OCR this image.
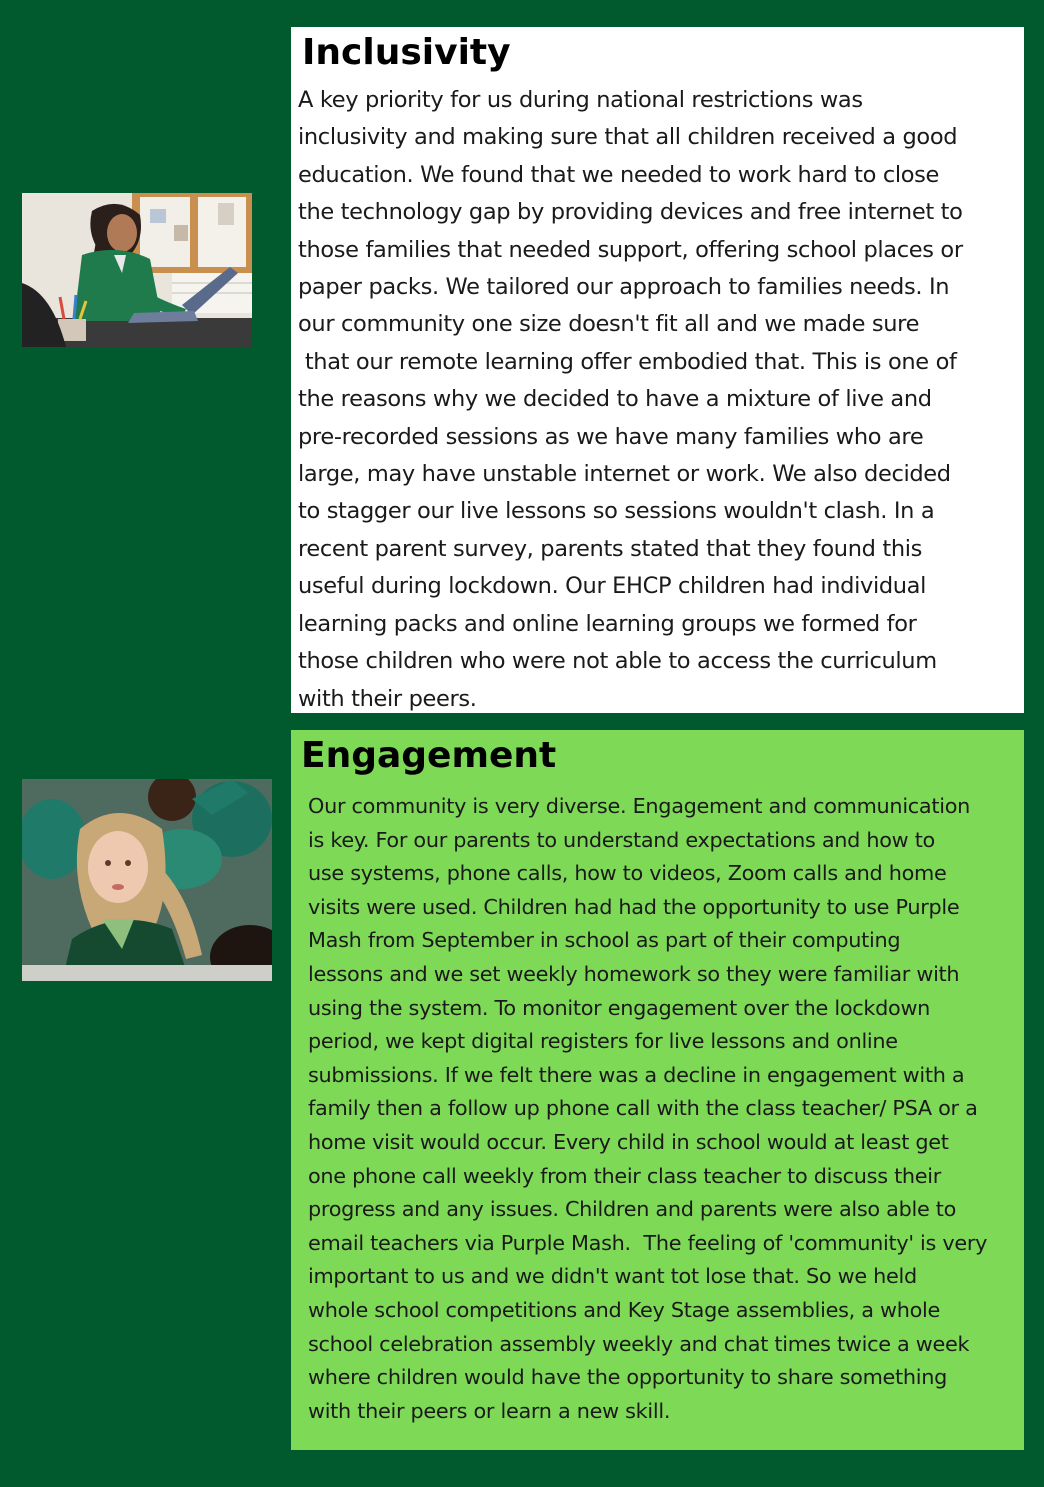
Inclusivity

A key priority for us during national restrictions was
inclusivity and making sure that all children received a good
education. We found that we needed to work hard to close
the technology gap by providing devices and free internet to
those families that needed support, offering school places or
paper packs. We tailored our approach to families needs. In
our community one size doesn't fit all and we made sure
that our remote learning offer embodied that. This is one of
the reasons why we decided to have a mixture of live and
pre-recorded sessions as we have many families who are
large, may have unstable internet or work. We also decided
to stagger our live lessons so sessions wouldn't clash. In a
recent parent survey, parents stated that they found this
useful during lockdown. Our EHCP children had individual
learning packs and online learning groups we formed for
those children who were not able to access the curriculum
with their peers.

Engagement

Our community is very diverse. Engagement and communication
is key. For our parents to understand expectations and how to
use systems, phone calls, how to videos, Zoom calls and home
visits were used. Children had had the opportunity to use Purple
Mash from September in school as part of their computing
lessons and we set weekly homework so they were familiar with
using the system. To monitor engagement over the lockdown
period, we kept digital registers for live lessons and online
submissions. If we felt there was a decline in engagement with a
family then a follow up phone call with the class teacher/ PSA or a
home visit would occur. Every child in school would at least get
one phone call weekly from their class teacher to discuss their
progress and any issues. Children and parents were also able to
email teachers via Purple Mash.  The feeling of 'community' is very
important to us and we didn't want tot lose that. So we held
whole school competitions and Key Stage assemblies, a whole
school celebration assembly weekly and chat times twice a week
where children would have the opportunity to share something
with their peers or learn a new skill.
